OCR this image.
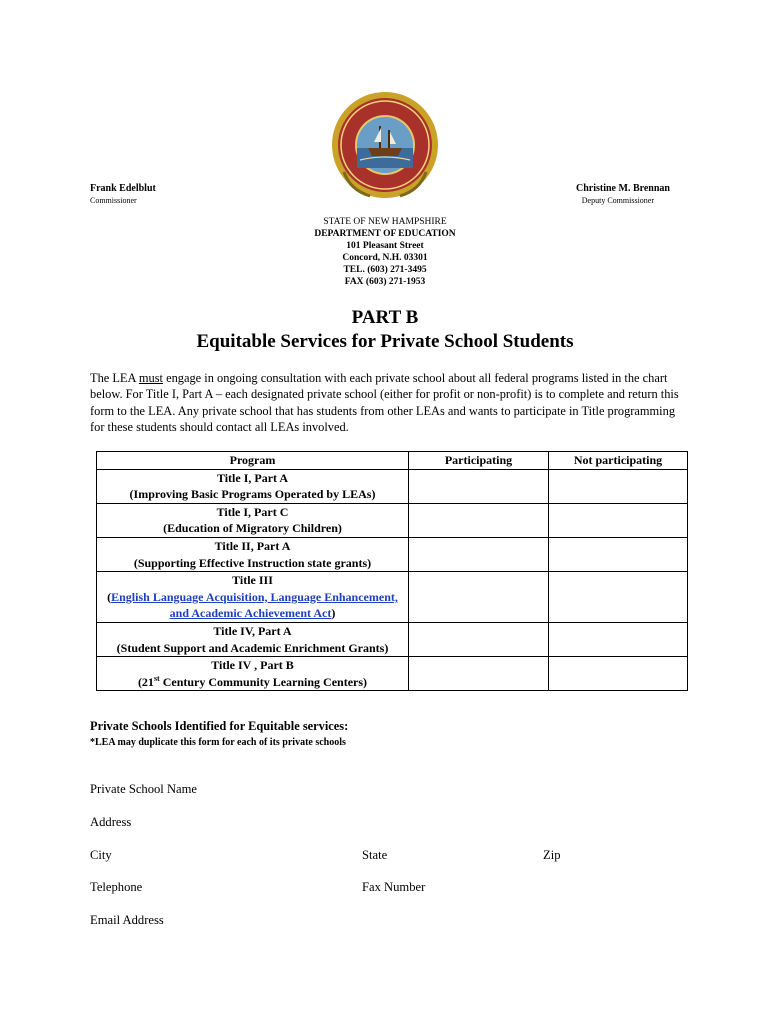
Frank Edelblut
Commissioner
Christine M. Brennan
Deputy Commissioner
STATE OF NEW HAMPSHIRE
DEPARTMENT OF EDUCATION
101 Pleasant Street
Concord, N.H. 03301
TEL. (603) 271-3495
FAX (603) 271-1953
PART B
Equitable Services for Private School Students
The LEA must engage in ongoing consultation with each private school about all federal programs listed in the chart below. For Title I, Part A – each designated private school (either for profit or non-profit) is to complete and return this form to the LEA. Any private school that has students from other LEAs and wants to participate in Title programming for these students should contact all LEAs involved.
Program	Participating	Not participating

Title I, Part A
(Improving Basic Programs Operated by LEAs)		

Title I, Part C
(Education of Migratory Children)		

Title II, Part A
(Supporting Effective Instruction state grants)		

Title III
(English Language Acquisition, Language Enhancement, and Academic Achievement Act)		

Title IV, Part A
(Student Support and Academic Enrichment Grants)		

Title IV , Part B
(21st Century Community Learning Centers)		

Private Schools Identified for Equitable services:
*LEA may duplicate this form for each of its private schools
Private School Name
Address
City	State	Zip
Telephone	Fax Number
Email Address
